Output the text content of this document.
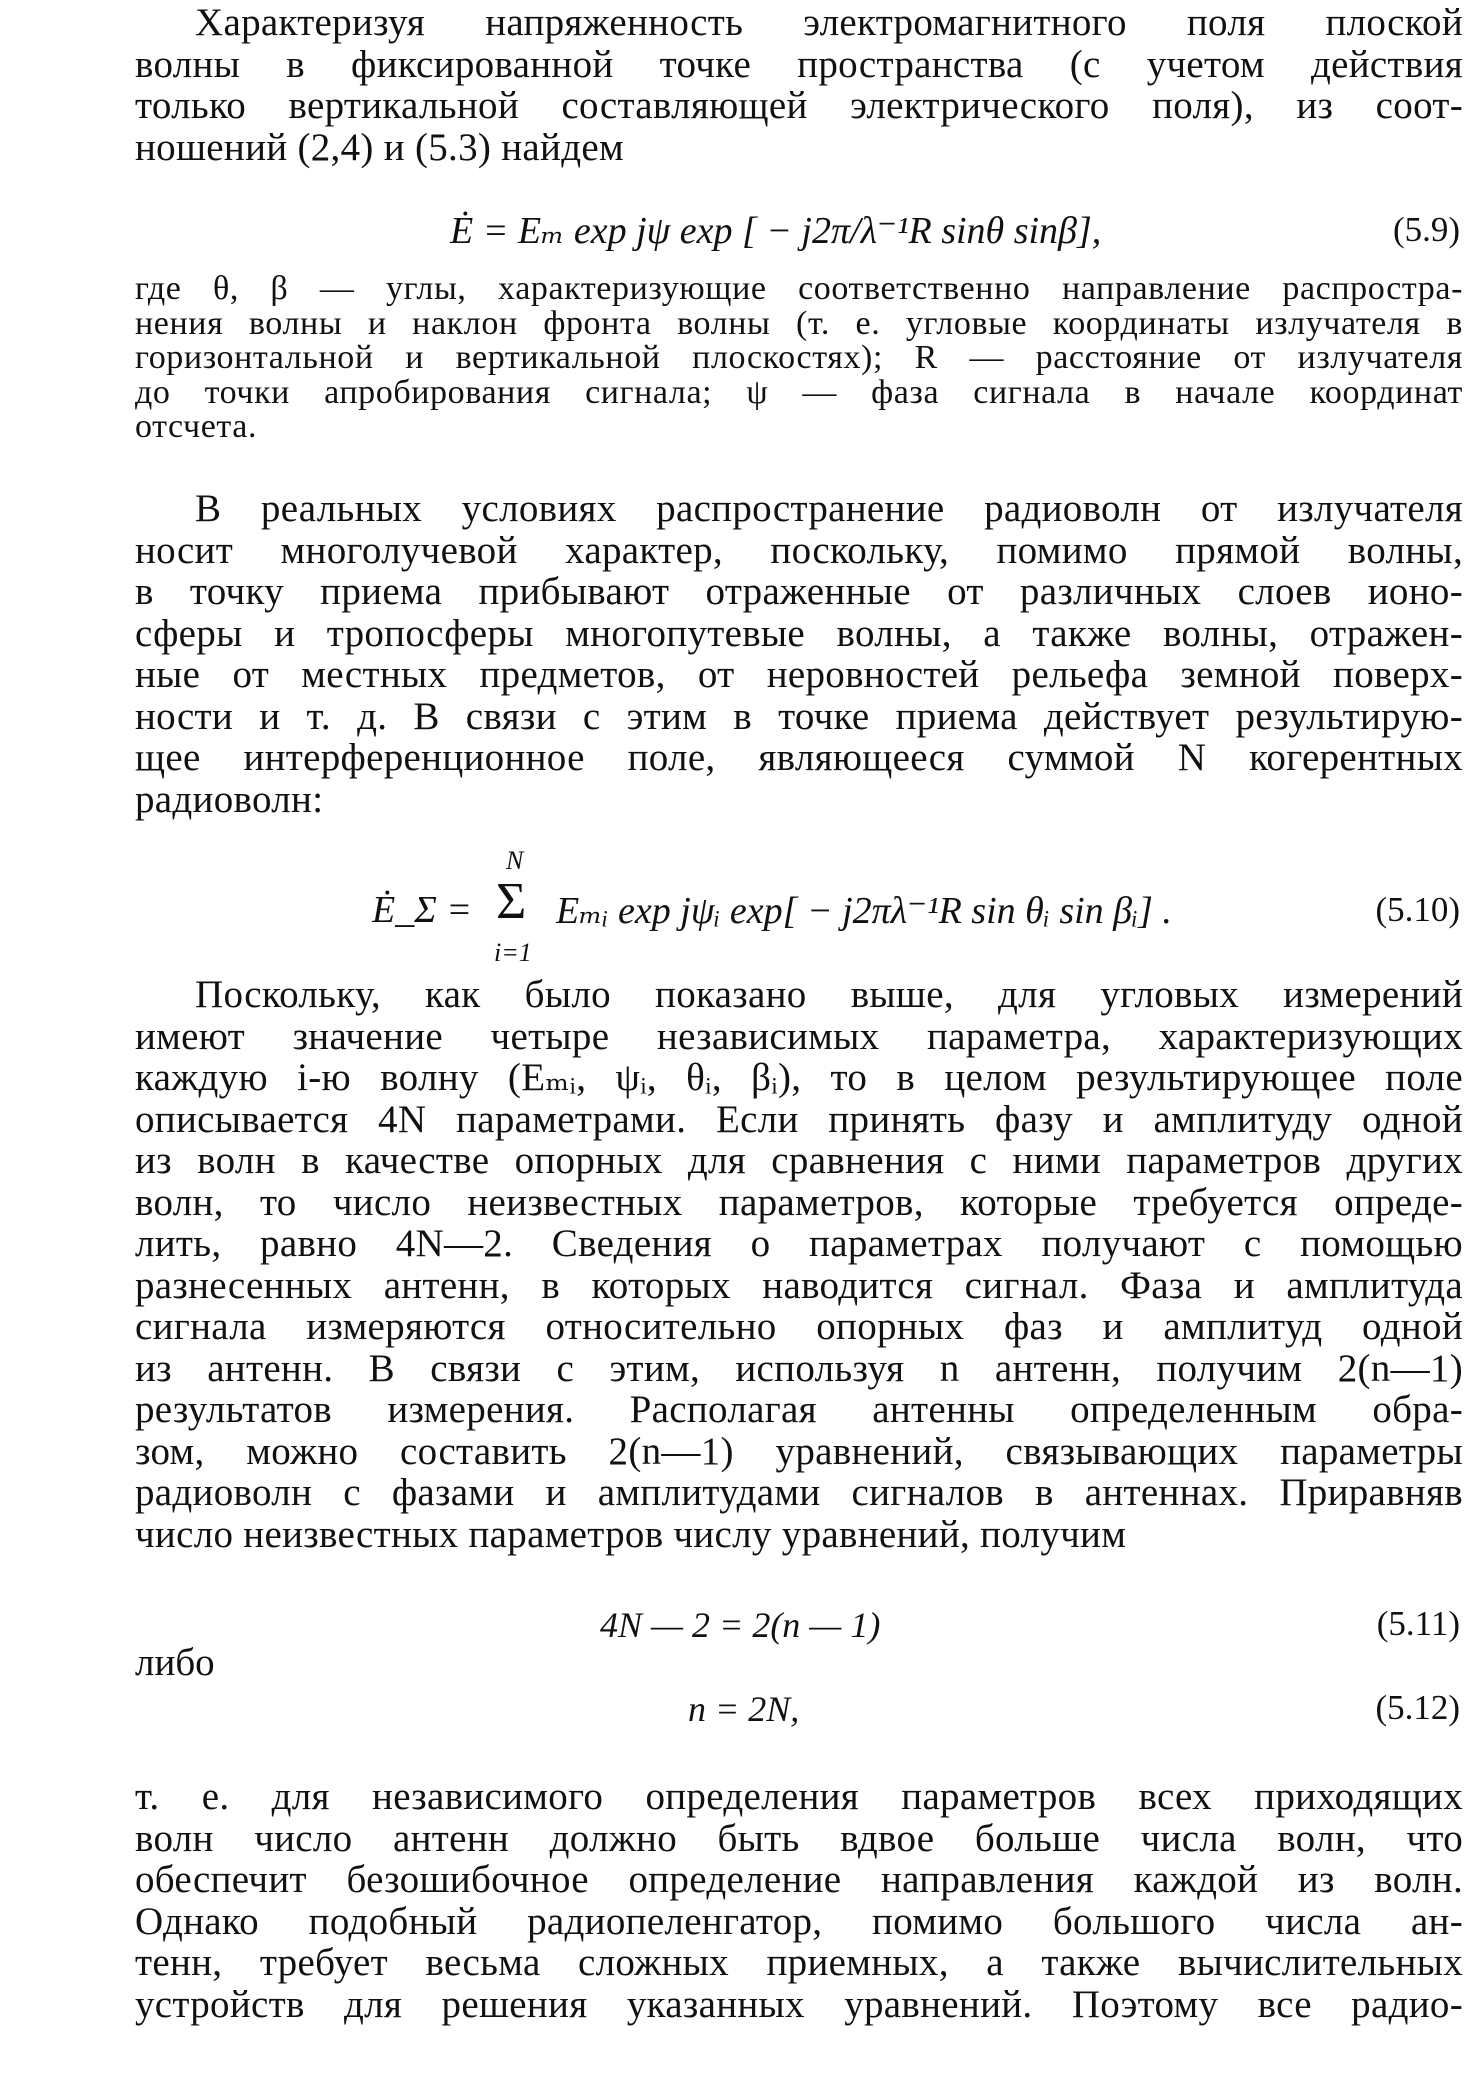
Характеризуя напряженность электромагнитного поля плоской
волны в фиксированной точке пространства (с учетом действия
только вертикальной составляющей электрического поля), из соот-
ношений (2,4) и (5.3) найдем
Ė = Eₘ exp jψ exp [ − j2π/λ⁻¹R sinθ sinβ],	(5.9)
где θ, β — углы, характеризующие соответственно направление распростра-
нения волны и наклон фронта волны (т. е. угловые координаты излучателя в
горизонтальной и вертикальной плоскостях); R — расстояние от излучателя
до точки апробирования сигнала; ψ — фаза сигнала в начале координат
отсчета.
В реальных условиях распространение радиоволн от излучателя
носит многолучевой характер, поскольку, помимо прямой волны,
в точку приема прибывают отраженные от различных слоев ионо-
сферы и тропосферы многопутевые волны, а также волны, отражен-
ные от местных предметов, от неровностей рельефа земной поверх-
ности и т. д. В связи с этим в точке приема действует результирую-
щее интерференционное поле, являющееся суммой N когерентных
радиоволн:
Ė_Σ =
N
Σ
i=1
Eₘᵢ exp jψᵢ exp[ − j2πλ⁻¹R sin θᵢ sin βᵢ] .	(5.10)
Поскольку, как было показано выше, для угловых измерений
имеют значение четыре независимых параметра, характеризующих
каждую i-ю волну (Eₘᵢ, ψᵢ, θᵢ, βᵢ), то в целом результирующее поле
описывается 4N параметрами. Если принять фазу и амплитуду одной
из волн в качестве опорных для сравнения с ними параметров других
волн, то число неизвестных параметров, которые требуется опреде-
лить, равно 4N—2. Сведения о параметрах получают с помощью
разнесенных антенн, в которых наводится сигнал. Фаза и амплитуда
сигнала измеряются относительно опорных фаз и амплитуд одной
из антенн. В связи с этим, используя n антенн, получим 2(n—1)
результатов измерения. Располагая антенны определенным обра-
зом, можно составить 2(n—1) уравнений, связывающих параметры
радиоволн с фазами и амплитудами сигналов в антеннах. Приравняв
число неизвестных параметров числу уравнений, получим
4N — 2 = 2(n — 1)	(5.11)
либо
n = 2N,	(5.12)
т. е. для независимого определения параметров всех приходящих
волн число антенн должно быть вдвое больше числа волн, что
обеспечит безошибочное определение направления каждой из волн.
Однако подобный радиопеленгатор, помимо большого числа ан-
тенн, требует весьма сложных приемных, а также вычислительных
устройств для решения указанных уравнений. Поэтому все радио-
